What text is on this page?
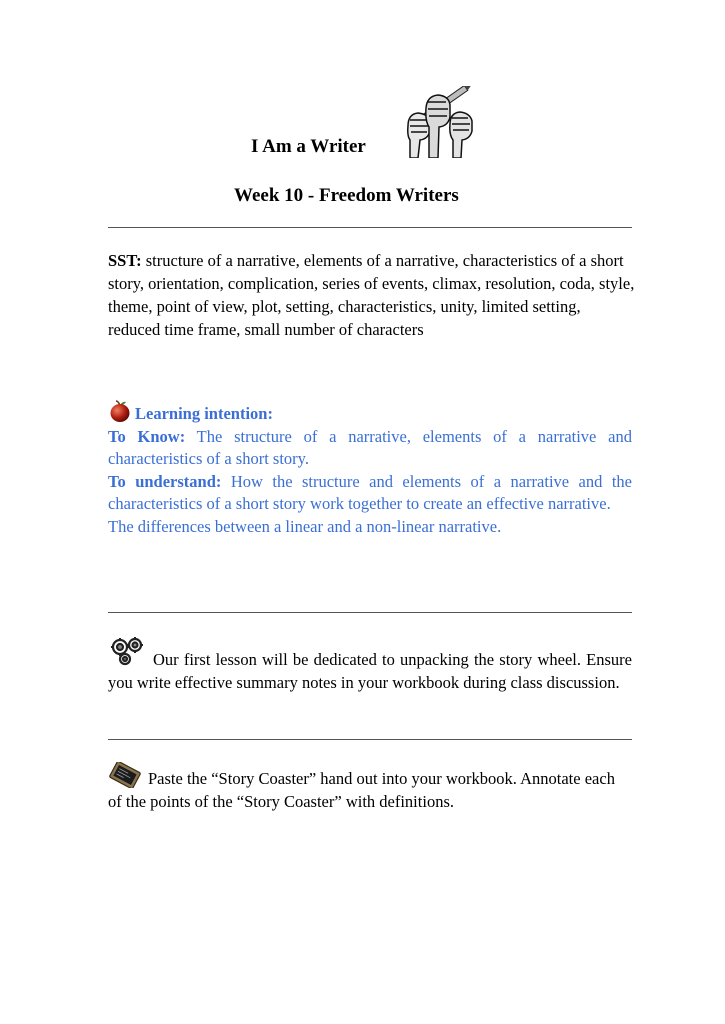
I Am a Writer
Week 10 - Freedom Writers

SST: structure of a narrative, elements of a narrative, characteristics of a short story, orientation, complication, series of events, climax, resolution, coda, style, theme, point of view, plot, setting, characteristics, unity, limited setting, reduced time frame, small number of characters

Learning intention:

To Know: The structure of a narrative, elements of a narrative and characteristics of a short story.

To understand: How the structure and elements of a narrative and the characteristics of a short story work together to create an effective narrative.

The differences between a linear and a non-linear narrative.

Our first lesson will be dedicated to unpacking the story wheel. Ensure you write effective summary notes in your workbook during class discussion.

Paste the “Story Coaster” hand out into your workbook. Annotate each of the points of the “Story Coaster” with definitions.
